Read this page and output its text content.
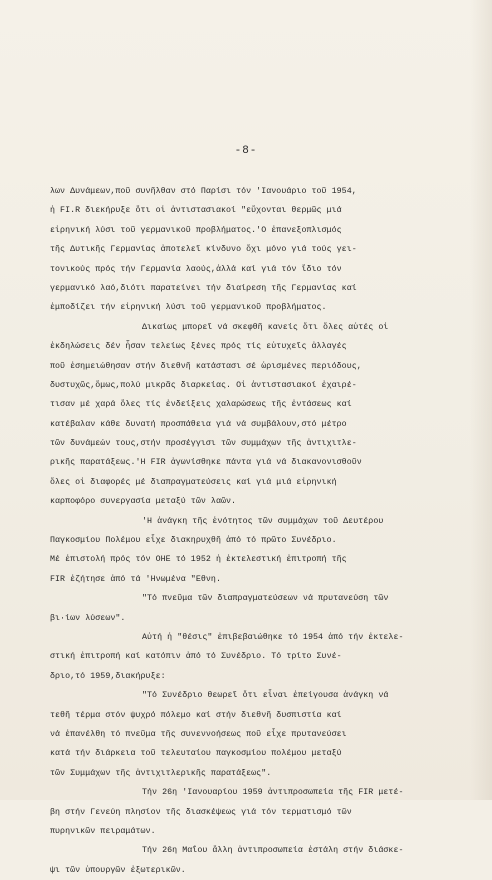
-8-
λων Δυνάμεων,ποῦ συνῆλθαν στό Παρίσι τόν 'Ιανουάριο τοῦ 1954,
ἡ FI.R διεκήρυξε ὅτι οἱ ἀντιστασιακοί "εὔχονται θερμῶς μιά
εἰρηνική λύσι τοῦ γερμανικοῦ προβλήματος.'Ο ἐπανεξοπλισμός
τῆς Δυτικῆς Γερμανίας ἀποτελεῖ κίνδυνο ὄχι μόνο γιά τούς γει-
τονικούς πρός τήν Γερμανία λαούς,ἀλλά καί γιά τόν ἴδιο τόν
γερμανικό λαό,διότι παρατείνει τήν διαίρεση τῆς Γερμανίας καί
ἐμποδίζει τήν εἰρηνική λύσι τοῦ γερμανικοῦ προβλήματος.
Δικαίως μπορεῖ νά σκεφθῆ κανείς ὅτι ὅλες αὐτές οἱ
ἐκδηλώσεις δέν ἦσαν τελείως ξένες πρός τίς εὐτυχεῖς ἀλλαγές
ποῦ ἐσημειώθησαν στήν διεθνῆ κατάστασι σέ ὡρισμένες περιόδους,
δυστυχῶς,ὅμως,πολύ μικρᾶς διαρκείας. Οἱ ἀντιστασιακοί ἐχαιρέ-
τισαν μέ χαρά ὅλες τίς ἐνδείξεις χαλαρώσεως τῆς ἐντάσεως καί
κατέβαλαν κάθε δυνατή προσπάθεια γιά νά συμβάλουν,στό μέτρο
τῶν δυνάμεών τους,στήν προσέγγισι τῶν συμμάχων τῆς ἀντιχιτλε-
ρικῆς παρατάξεως.'Η FIR ἀγωνίσθηκε πάντα γιά νά διακανονισθοῦν
ὅλες οἱ διαφορές μέ διαπραγματεύσεις καί γιά μιά εἰρηνική
καρποφόρο συνεργασία μεταξύ τῶν λαῶν.
'Η ἀνάγκη τῆς ἑνότητος τῶν συμμάχων τοῦ Δευτέρου
Παγκοσμίου Πολέμου εἶχε διακηρυχθῆ ἀπό τό πρῶτο Συνέδριο.
Μέ ἐπιστολή πρός τόν ΟΗΕ τό 1952 ἡ ἐκτελεστική ἐπιτροπή τῆς
FIR ἐζήτησε ἀπό τά 'Ηνωμένα "Εθνη.
"Τό πνεῦμα τῶν διαπραγματεύσεων νά πρυτανεύση τῶν
βι·ίων λύσεων".
Αὐτή ἡ "θέσις" ἐπιβεβαιώθηκε τό 1954 ἀπό τήν ἐκτελε-
στική ἐπιτροπή καί κατόπιν ἀπό τό Συνέδριο. Τό τρίτο Συνέ-
δριο,τό 1959,διακήρυξε:
"Τό Συνέδριο θεωρεῖ ὅτι εἶναι ἐπείγουσα ἀνάγκη νά
τεθῆ τέρμα στόν ψυχρό πόλεμο καί στήν διεθνῆ δυσπιστία καί
νά ἐπανέλθη τό πνεῦμα τῆς συνεννοήσεως ποῦ εἶχε πρυτανεύσει
κατά τήν διάρκεια τοῦ τελευταίου παγκοσμίου πολέμου μεταξύ
τῶν Συμμάχων τῆς ἀντιχιτλερικῆς παρατάξεως".
Τήν 26η 'Ιανουαρίου 1959 ἀντιπροσωπεία τῆς FIR μετέ-
βη στήν Γενεύη πλησίον τῆς διασκέψεως γιά τόν τερματισμό τῶν
πυρηνικῶν πειραμάτων.
Τήν 26η Μαΐου ἄλλη ἀντιπροσωπεία ἐστάλη στήν διάσκε-
ψι τῶν ὑπουργῶν ἐξωτερικῶν.
